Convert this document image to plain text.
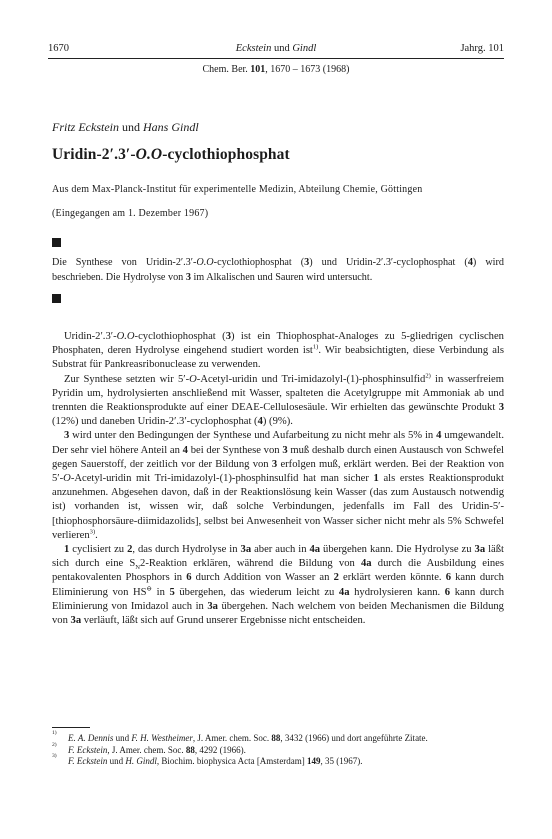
1670	Eckstein und Gindl	Jahrg. 101
Chem. Ber. 101, 1670 – 1673 (1968)
Fritz Eckstein und Hans Gindl
Uridin-2′.3′-O.O-cyclothiophosphat
Aus dem Max-Planck-Institut für experimentelle Medizin, Abteilung Chemie, Göttingen
(Eingegangen am 1. Dezember 1967)
Die Synthese von Uridin-2′.3′-O.O-cyclothiophosphat (3) und Uridin-2′.3′-cyclophosphat (4) wird beschrieben. Die Hydrolyse von 3 im Alkalischen und Sauren wird untersucht.

Uridin-2′.3′-O.O-cyclothiophosphat (3) ist ein Thiophosphat-Analoges zu 5-gliedrigen cyclischen Phosphaten, deren Hydrolyse eingehend studiert worden ist$^{1)}$. Wir beabsichtigten, diese Verbindung als Substrat für Pankreasribonuclease zu verwenden.

Zur Synthese setzten wir 5′-O-Acetyl-uridin und Tri-imidazolyl-(1)-phosphinsulfid$^{2)}$ in wasserfreiem Pyridin um, hydrolysierten anschließend mit Wasser, spalteten die Acetylgruppe mit Ammoniak ab und trennten die Reaktionsprodukte auf einer DEAE-Cellulosesäule. Wir erhielten das gewünschte Produkt 3 (12%) und daneben Uridin-2′.3′-cyclophosphat (4) (9%).

3 wird unter den Bedingungen der Synthese und Aufarbeitung zu nicht mehr als 5% in 4 umgewandelt. Der sehr viel höhere Anteil an 4 bei der Synthese von 3 muß deshalb durch einen Austausch von Schwefel gegen Sauerstoff, der zeitlich vor der Bildung von 3 erfolgen muß, erklärt werden. Bei der Reaktion von 5′-O-Acetyl-uridin mit Tri-imidazolyl-(1)-phosphinsulfid hat man sicher 1 als erstes Reaktionsprodukt anzunehmen. Abgesehen davon, daß in der Reaktionslösung kein Wasser (das zum Austausch notwendig ist) vorhanden ist, wissen wir, daß solche Verbindungen, jedenfalls im Fall des Uridin-5′-[thiophosphorsäure-diimidazolids], selbst bei Anwesenheit von Wasser sicher nicht mehr als 5% Schwefel verlieren$^{3)}$.

1 cyclisiert zu 2, das durch Hydrolyse in 3a aber auch in 4a übergehen kann. Die Hydrolyse zu 3a läßt sich durch eine $S_N2$-Reaktion erklären, während die Bildung von 4a durch die Ausbildung eines pentakovalenten Phosphors in 6 durch Addition von Wasser an 2 erklärt werden könnte. 6 kann durch Eliminierung von HS⊖ in 5 übergehen, das wiederum leicht zu 4a hydrolysieren kann. 6 kann durch Eliminierung von Imidazol auch in 3a übergehen. Nach welchem von beiden Mechanismen die Bildung von 3a verläuft, läßt sich auf Grund unserer Ergebnisse nicht entscheiden.

1) E. A. Dennis und F. H. Westheimer, J. Amer. chem. Soc. 88, 3432 (1966) und dort angeführte Zitate.

2) F. Eckstein, J. Amer. chem. Soc. 88, 4292 (1966).

3) F. Eckstein und H. Gindl, Biochim. biophysica Acta [Amsterdam] 149, 35 (1967).
